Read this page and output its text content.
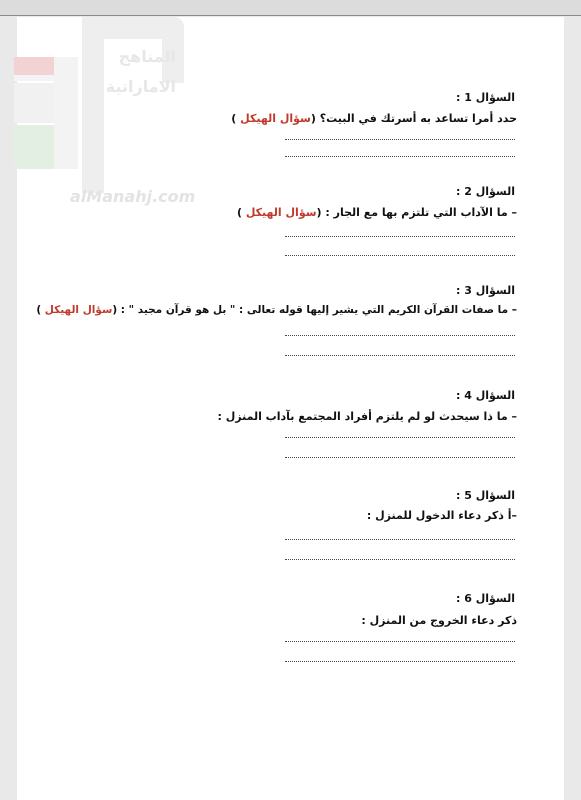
المناهج
الاماراتية
alManahj.com
السؤال 1 :
حدد أمرا تساعد به أسرتك في البيت؟ (سؤال الهيكل )
السؤال 2 :
– ما الآداب التي تلتزم بها مع الجار : (سؤال الهيكل )
السؤال 3 :
– ما صفات القرآن الكريم التي يشير إليها قوله تعالى : " بل هو قرآن مجيد " : (سؤال الهيكل )
السؤال 4 :
– ما ذا سيحدث لو لم يلتزم أفراد المجتمع بآداب المنزل :
السؤال 5 :
–أ ذكر دعاء الدخول للمنزل :
السؤال 6 :
ذكر دعاء الخروج من المنزل :
